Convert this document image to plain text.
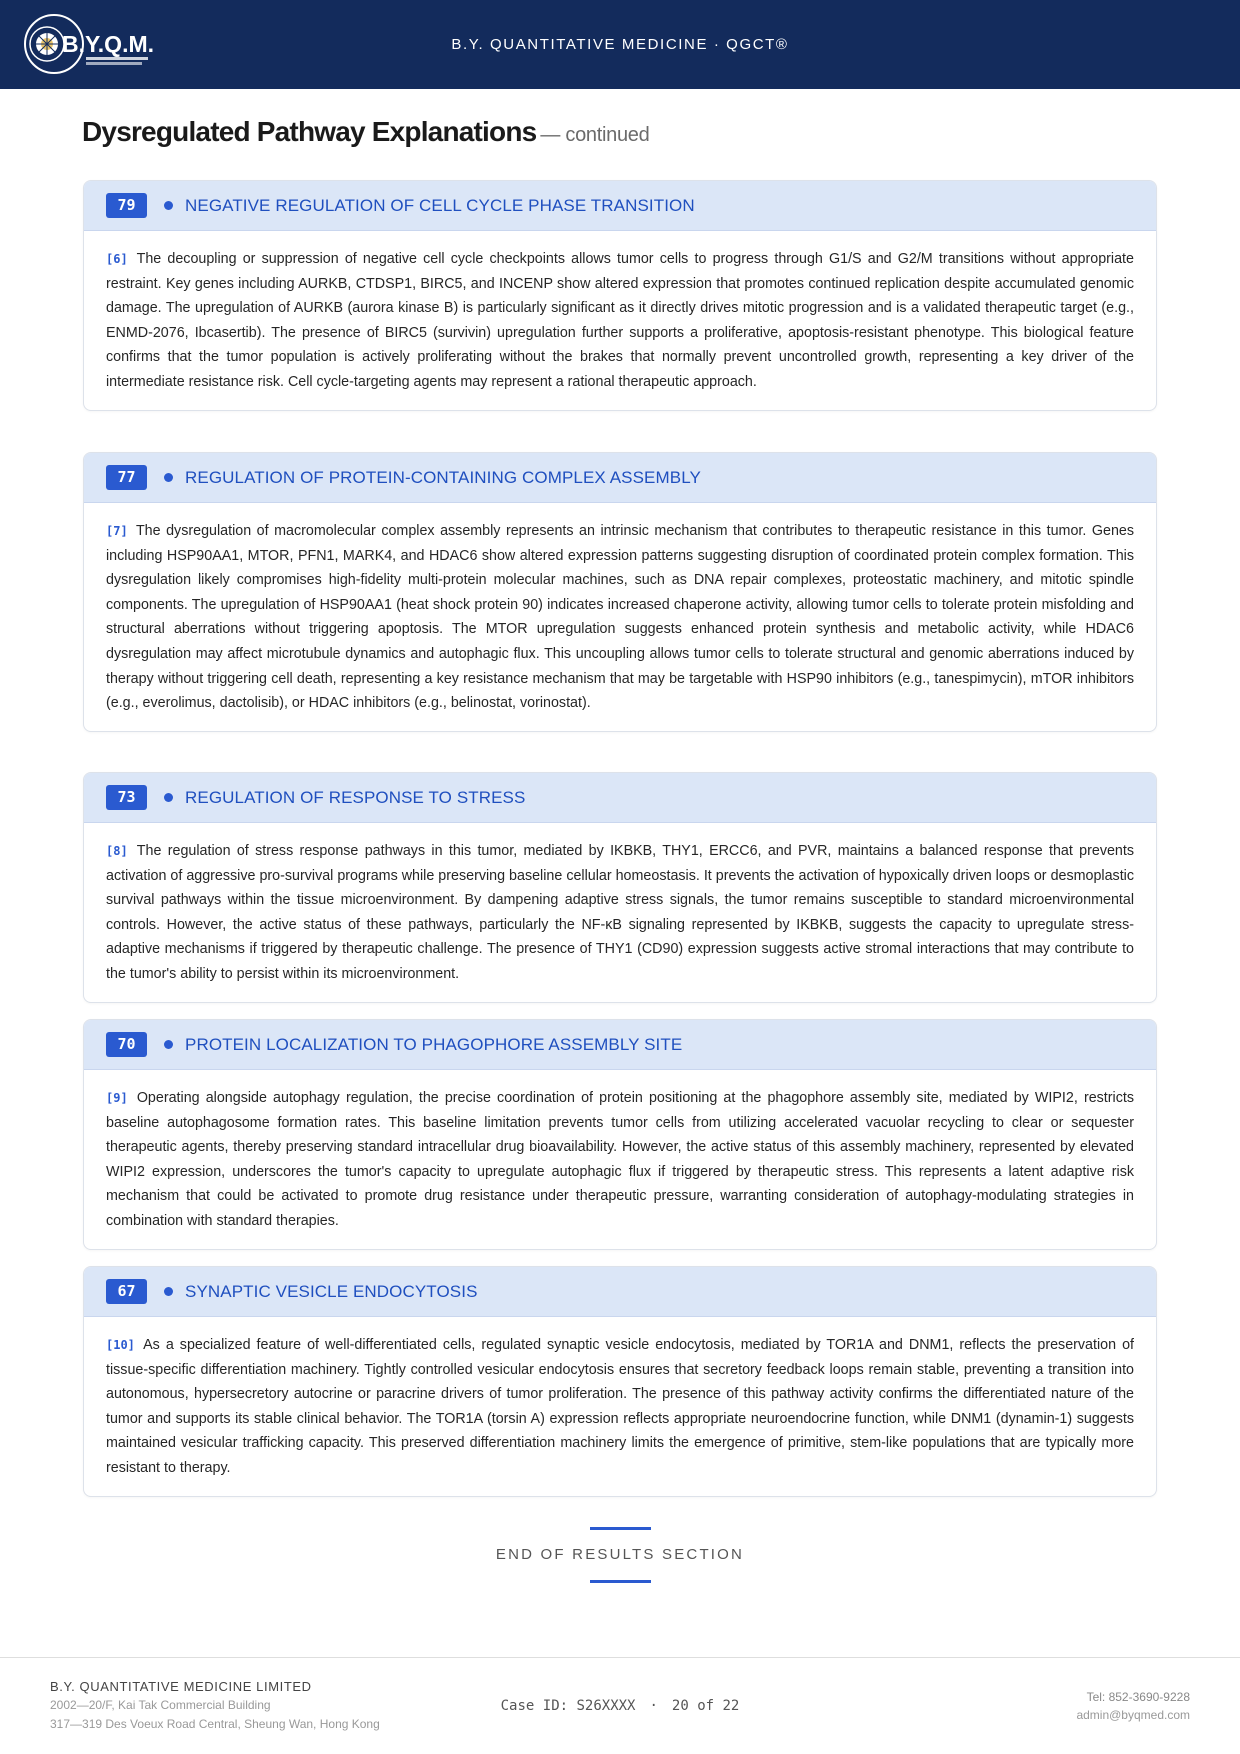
B.Y.Q.M.	B.Y. QUANTITATIVE MEDICINE · QGCT®
Dysregulated Pathway Explanations — continued
79	NEGATIVE REGULATION OF CELL CYCLE PHASE TRANSITION
[6] The decoupling or suppression of negative cell cycle checkpoints allows tumor cells to progress through G1/S and G2/M transitions without appropriate restraint. Key genes including AURKB, CTDSP1, BIRC5, and INCENP show altered expression that promotes continued replication despite accumulated genomic damage. The upregulation of AURKB (aurora kinase B) is particularly significant as it directly drives mitotic progression and is a validated therapeutic target (e.g., ENMD-2076, Ibcasertib). The presence of BIRC5 (survivin) upregulation further supports a proliferative, apoptosis-resistant phenotype. This biological feature confirms that the tumor population is actively proliferating without the brakes that normally prevent uncontrolled growth, representing a key driver of the intermediate resistance risk. Cell cycle-targeting agents may represent a rational therapeutic approach.
77	REGULATION OF PROTEIN-CONTAINING COMPLEX ASSEMBLY
[7] The dysregulation of macromolecular complex assembly represents an intrinsic mechanism that contributes to therapeutic resistance in this tumor. Genes including HSP90AA1, MTOR, PFN1, MARK4, and HDAC6 show altered expression patterns suggesting disruption of coordinated protein complex formation. This dysregulation likely compromises high-fidelity multi-protein molecular machines, such as DNA repair complexes, proteostatic machinery, and mitotic spindle components. The upregulation of HSP90AA1 (heat shock protein 90) indicates increased chaperone activity, allowing tumor cells to tolerate protein misfolding and structural aberrations without triggering apoptosis. The MTOR upregulation suggests enhanced protein synthesis and metabolic activity, while HDAC6 dysregulation may affect microtubule dynamics and autophagic flux. This uncoupling allows tumor cells to tolerate structural and genomic aberrations induced by therapy without triggering cell death, representing a key resistance mechanism that may be targetable with HSP90 inhibitors (e.g., tanespimycin), mTOR inhibitors (e.g., everolimus, dactolisib), or HDAC inhibitors (e.g., belinostat, vorinostat).
73	REGULATION OF RESPONSE TO STRESS
[8] The regulation of stress response pathways in this tumor, mediated by IKBKB, THY1, ERCC6, and PVR, maintains a balanced response that prevents activation of aggressive pro-survival programs while preserving baseline cellular homeostasis. It prevents the activation of hypoxically driven loops or desmoplastic survival pathways within the tissue microenvironment. By dampening adaptive stress signals, the tumor remains susceptible to standard microenvironmental controls. However, the active status of these pathways, particularly the NF-κB signaling represented by IKBKB, suggests the capacity to upregulate stress-adaptive mechanisms if triggered by therapeutic challenge. The presence of THY1 (CD90) expression suggests active stromal interactions that may contribute to the tumor's ability to persist within its microenvironment.
70	PROTEIN LOCALIZATION TO PHAGOPHORE ASSEMBLY SITE
[9] Operating alongside autophagy regulation, the precise coordination of protein positioning at the phagophore assembly site, mediated by WIPI2, restricts baseline autophagosome formation rates. This baseline limitation prevents tumor cells from utilizing accelerated vacuolar recycling to clear or sequester therapeutic agents, thereby preserving standard intracellular drug bioavailability. However, the active status of this assembly machinery, represented by elevated WIPI2 expression, underscores the tumor's capacity to upregulate autophagic flux if triggered by therapeutic stress. This represents a latent adaptive risk mechanism that could be activated to promote drug resistance under therapeutic pressure, warranting consideration of autophagy-modulating strategies in combination with standard therapies.
67	SYNAPTIC VESICLE ENDOCYTOSIS
[10] As a specialized feature of well-differentiated cells, regulated synaptic vesicle endocytosis, mediated by TOR1A and DNM1, reflects the preservation of tissue-specific differentiation machinery. Tightly controlled vesicular endocytosis ensures that secretory feedback loops remain stable, preventing a transition into autonomous, hypersecretory autocrine or paracrine drivers of tumor proliferation. The presence of this pathway activity confirms the differentiated nature of the tumor and supports its stable clinical behavior. The TOR1A (torsin A) expression reflects appropriate neuroendocrine function, while DNM1 (dynamin-1) suggests maintained vesicular trafficking capacity. This preserved differentiation machinery limits the emergence of primitive, stem-like populations that are typically more resistant to therapy.
END OF RESULTS SECTION
B.Y. QUANTITATIVE MEDICINE LIMITED
2002—20/F, Kai Tak Commercial Building
317—319 Des Voeux Road Central, Sheung Wan, Hong Kong
Case ID: S26XXXX · 20 of 22
Tel: 852-3690-9228
admin@byqmed.com
